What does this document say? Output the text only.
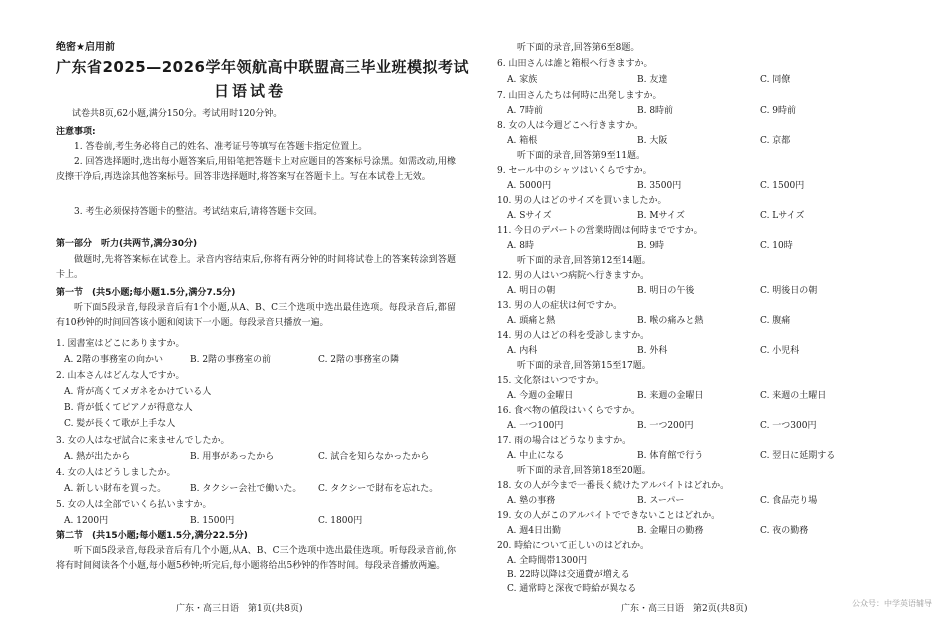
绝密★启用前
广东省2025—2026学年领航高中联盟高三毕业班模拟考试
日语试卷
试卷共8页,62小题,满分150分。考试用时120分钟。
注意事项:
1. 答卷前,考生务必将自己的姓名、准考证号等填写在答题卡指定位置上。
2. 回答选择题时,选出每小题答案后,用铅笔把答题卡上对应题目的答案标号涂黑。如需改动,用橡皮擦干净后,再选涂其他答案标号。回答非选择题时,将答案写在答题卡上。写在本试卷上无效。
3. 考生必须保持答题卡的整洁。考试结束后,请将答题卡交回。
第一部分　听力(共两节,满分30分)
做题时,先将答案标在试卷上。录音内容结束后,你将有两分钟的时间将试卷上的答案转涂到答题卡上。
第一节　(共5小题;每小题1.5分,满分7.5分)
听下面5段录音,每段录音后有1个小题,从A、B、C三个选项中选出最佳选项。每段录音后,都留有10秒钟的时间回答该小题和阅读下一小题。每段录音只播放一遍。
1. 図書室はどこにありますか。
A. 2階の事務室の向かい	B. 2階の事務室の前	C. 2階の事務室の隣
2. 山本さんはどんな人ですか。
A. 背が高くてメガネをかけている人
B. 背が低くてピアノが得意な人
C. 髪が長くて歌が上手な人
3. 女の人はなぜ試合に来ませんでしたか。
A. 熱が出たから	B. 用事があったから	C. 試合を知らなかったから
4. 女の人はどうしましたか。
A. 新しい財布を買った。	B. タクシー会社で働いた。 C. タクシーで財布を忘れた。
5. 女の人は全部でいくら払いますか。
A. 1200円	B. 1500円	C. 1800円
第二节　(共15小题;每小题1.5分,满分22.5分)
听下面5段录音,每段录音后有几个小题,从A、B、C三个选项中选出最佳选项。听每段录音前,你将有时间阅读各个小题,每小题5秒钟;听完后,每小题将给出5秒钟的作答时间。每段录音播放两遍。
广东・高三日语　第1页(共8页)
听下面的录音,回答第6至8题。
6. 山田さんは誰と箱根へ行きますか。
A. 家族	B. 友達	C. 同僚
7. 山田さんたちは何時に出発しますか。
A. 7時前	B. 8時前	C. 9時前
8. 女の人は今週どこへ行きますか。
A. 箱根	B. 大阪	C. 京都
听下面的录音,回答第9至11题。
9. セール中のシャツはいくらですか。
A. 5000円	B. 3500円	C. 1500円
10. 男の人はどのサイズを買いましたか。
A. Sサイズ	B. Mサイズ	C. Lサイズ
11. 今日のデパートの営業時間は何時までですか。
A. 8時	B. 9時	C. 10時
听下面的录音,回答第12至14题。
12. 男の人はいつ病院へ行きますか。
A. 明日の朝	B. 明日の午後	C. 明後日の朝
13. 男の人の症状は何ですか。
A. 頭痛と熱	B. 喉の痛みと熱	C. 腹痛
14. 男の人はどの科を受診しますか。
A. 内科	B. 外科	C. 小児科
听下面的录音,回答第15至17题。
15. 文化祭はいつですか。
A. 今週の金曜日	B. 来週の金曜日	C. 来週の土曜日
16. 食べ物の値段はいくらですか。
A. 一つ100円	B. 一つ200円	C. 一つ300円
17. 雨の場合はどうなりますか。
A. 中止になる	B. 体育館で行う	C. 翌日に延期する
听下面的录音,回答第18至20题。
18. 女の人が今まで一番長く続けたアルバイトはどれか。
A. 塾の事務	B. スーパー	C. 食品売り場
19. 女の人がこのアルバイトでできないことはどれか。
A. 週4日出勤	B. 金曜日の勤務	C. 夜の勤務
20. 時給について正しいのはどれか。
A. 全時間帯1300円
B. 22時以降は交通費が増える
C. 通常時と深夜で時給が異なる
广东・高三日语　第2页(共8页)
公众号：中学英语辅导
